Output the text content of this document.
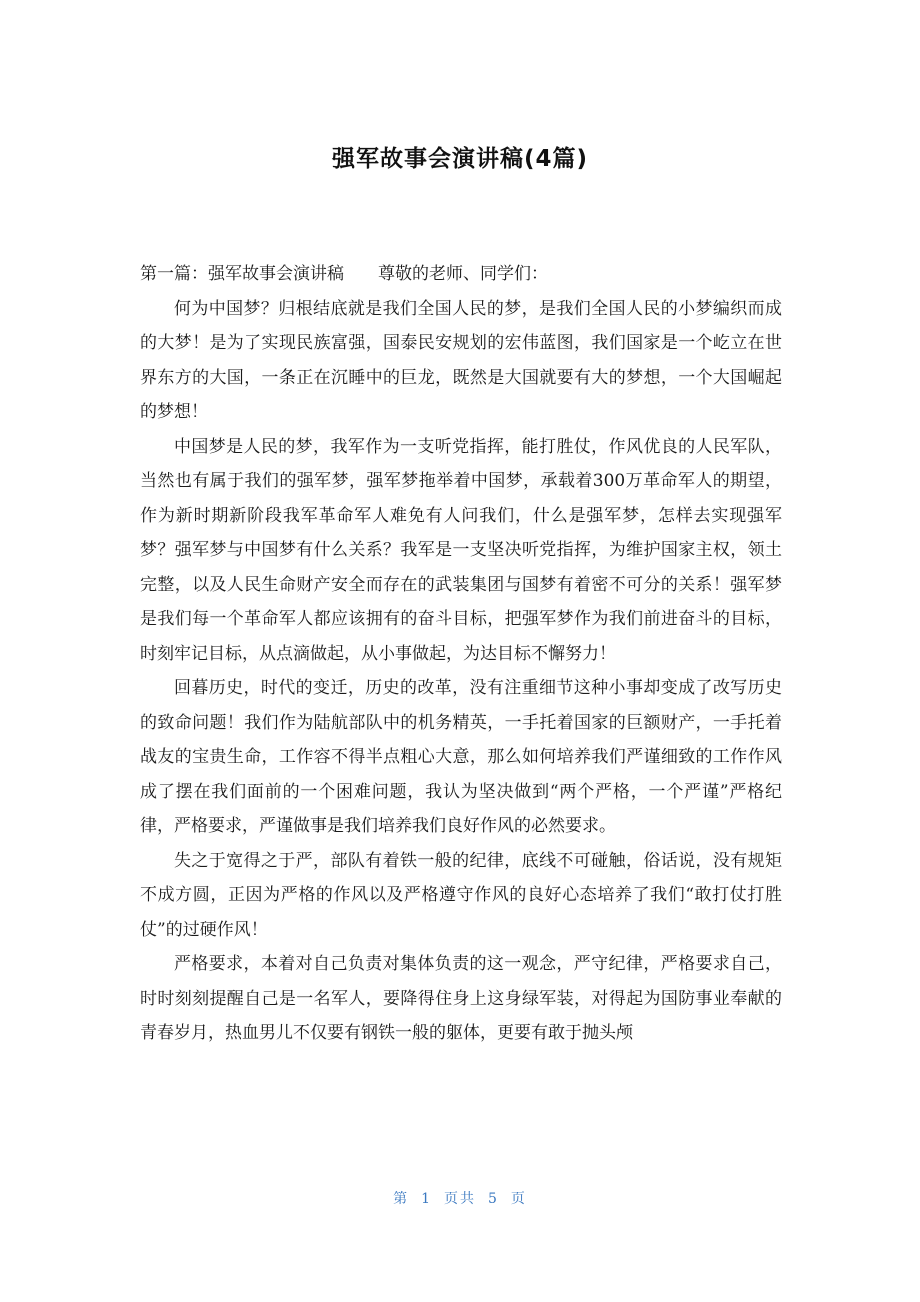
强军故事会演讲稿(4篇)

第一篇：强军故事会演讲稿　　尊敬的老师、同学们：

何为中国梦？归根结底就是我们全国人民的梦，是我们全国人民的小梦编织而成的大梦！是为了实现民族富强，国泰民安规划的宏伟蓝图，我们国家是一个屹立在世界东方的大国，一条正在沉睡中的巨龙，既然是大国就要有大的梦想，一个大国崛起的梦想！

中国梦是人民的梦，我军作为一支听党指挥，能打胜仗，作风优良的人民军队，当然也有属于我们的强军梦，强军梦拖举着中国梦，承载着300万革命军人的期望，作为新时期新阶段我军革命军人难免有人问我们，什么是强军梦，怎样去实现强军梦？强军梦与中国梦有什么关系？我军是一支坚决听党指挥，为维护国家主权，领土完整，以及人民生命财产安全而存在的武装集团与国梦有着密不可分的关系！强军梦是我们每一个革命军人都应该拥有的奋斗目标，把强军梦作为我们前进奋斗的目标，时刻牢记目标，从点滴做起，从小事做起，为达目标不懈努力！

回暮历史，时代的变迁，历史的改革，没有注重细节这种小事却变成了改写历史的致命问题！我们作为陆航部队中的机务精英，一手托着国家的巨额财产，一手托着战友的宝贵生命，工作容不得半点粗心大意，那么如何培养我们严谨细致的工作作风成了摆在我们面前的一个困难问题，我认为坚决做到“两个严格，一个严谨”严格纪律，严格要求，严谨做事是我们培养我们良好作风的必然要求。

失之于宽得之于严，部队有着铁一般的纪律，底线不可碰触，俗话说，没有规矩不成方圆，正因为严格的作风以及严格遵守作风的良好心态培养了我们“敢打仗打胜仗”的过硬作风！

严格要求，本着对自己负责对集体负责的这一观念，严守纪律，严格要求自己，时时刻刻提醒自己是一名军人，要降得住身上这身绿军装，对得起为国防事业奉献的青春岁月，热血男儿不仅要有钢铁一般的躯体，更要有敢于抛头颅

第 1 页共 5 页
